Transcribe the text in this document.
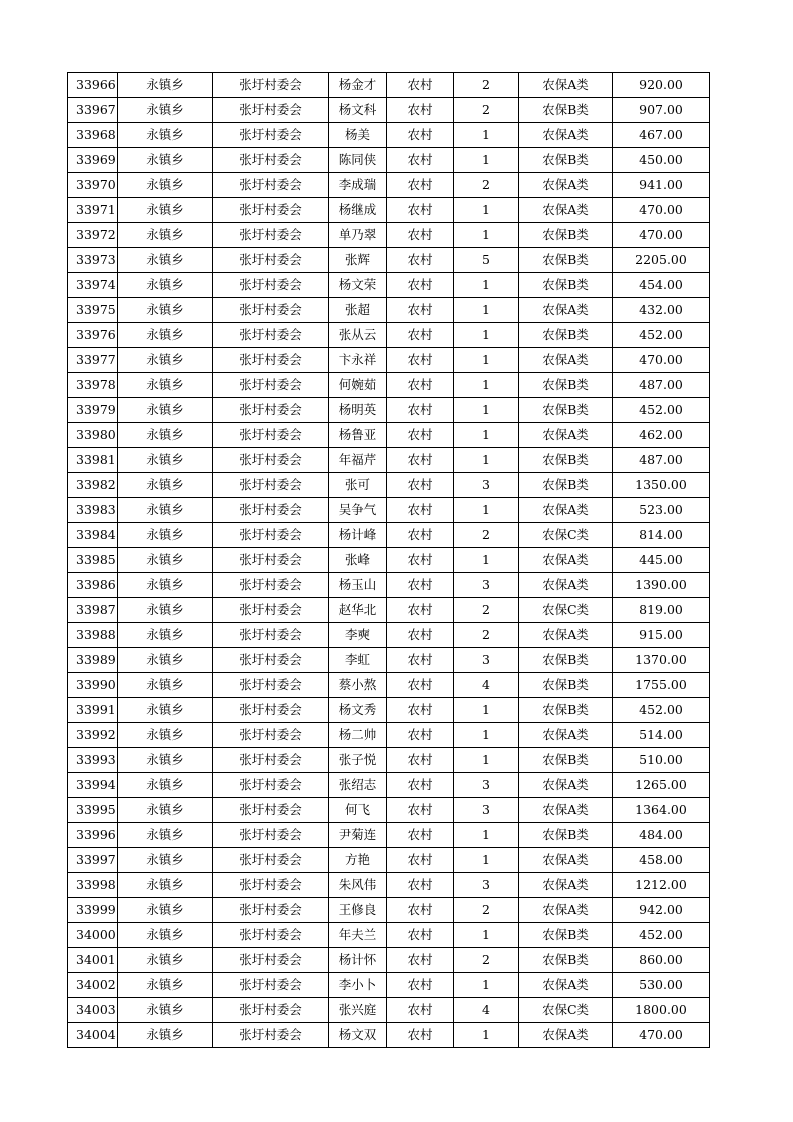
33966	永镇乡	张圩村委会	杨金才	农村	2	农保A类	920.00
33967	永镇乡	张圩村委会	杨文科	农村	2	农保B类	907.00
33968	永镇乡	张圩村委会	杨美	农村	1	农保A类	467.00
33969	永镇乡	张圩村委会	陈同侠	农村	1	农保B类	450.00
33970	永镇乡	张圩村委会	李成瑞	农村	2	农保A类	941.00
33971	永镇乡	张圩村委会	杨继成	农村	1	农保A类	470.00
33972	永镇乡	张圩村委会	单乃翠	农村	1	农保B类	470.00
33973	永镇乡	张圩村委会	张辉	农村	5	农保B类	2205.00
33974	永镇乡	张圩村委会	杨文荣	农村	1	农保B类	454.00
33975	永镇乡	张圩村委会	张超	农村	1	农保A类	432.00
33976	永镇乡	张圩村委会	张从云	农村	1	农保B类	452.00
33977	永镇乡	张圩村委会	卞永祥	农村	1	农保A类	470.00
33978	永镇乡	张圩村委会	何婉茹	农村	1	农保B类	487.00
33979	永镇乡	张圩村委会	杨明英	农村	1	农保B类	452.00
33980	永镇乡	张圩村委会	杨鲁亚	农村	1	农保A类	462.00
33981	永镇乡	张圩村委会	年福芹	农村	1	农保B类	487.00
33982	永镇乡	张圩村委会	张可	农村	3	农保B类	1350.00
33983	永镇乡	张圩村委会	吴争气	农村	1	农保A类	523.00
33984	永镇乡	张圩村委会	杨计峰	农村	2	农保C类	814.00
33985	永镇乡	张圩村委会	张峰	农村	1	农保A类	445.00
33986	永镇乡	张圩村委会	杨玉山	农村	3	农保A类	1390.00
33987	永镇乡	张圩村委会	赵华北	农村	2	农保C类	819.00
33988	永镇乡	张圩村委会	李奭	农村	2	农保A类	915.00
33989	永镇乡	张圩村委会	李虹	农村	3	农保B类	1370.00
33990	永镇乡	张圩村委会	蔡小熬	农村	4	农保B类	1755.00
33991	永镇乡	张圩村委会	杨文秀	农村	1	农保B类	452.00
33992	永镇乡	张圩村委会	杨二帅	农村	1	农保A类	514.00
33993	永镇乡	张圩村委会	张子悦	农村	1	农保B类	510.00
33994	永镇乡	张圩村委会	张绍志	农村	3	农保A类	1265.00
33995	永镇乡	张圩村委会	何飞	农村	3	农保A类	1364.00
33996	永镇乡	张圩村委会	尹菊连	农村	1	农保B类	484.00
33997	永镇乡	张圩村委会	方艳	农村	1	农保A类	458.00
33998	永镇乡	张圩村委会	朱风伟	农村	3	农保A类	1212.00
33999	永镇乡	张圩村委会	王修良	农村	2	农保A类	942.00
34000	永镇乡	张圩村委会	年夫兰	农村	1	农保B类	452.00
34001	永镇乡	张圩村委会	杨计怀	农村	2	农保B类	860.00
34002	永镇乡	张圩村委会	李小卜	农村	1	农保A类	530.00
34003	永镇乡	张圩村委会	张兴庭	农村	4	农保C类	1800.00
34004	永镇乡	张圩村委会	杨文双	农村	1	农保A类	470.00
